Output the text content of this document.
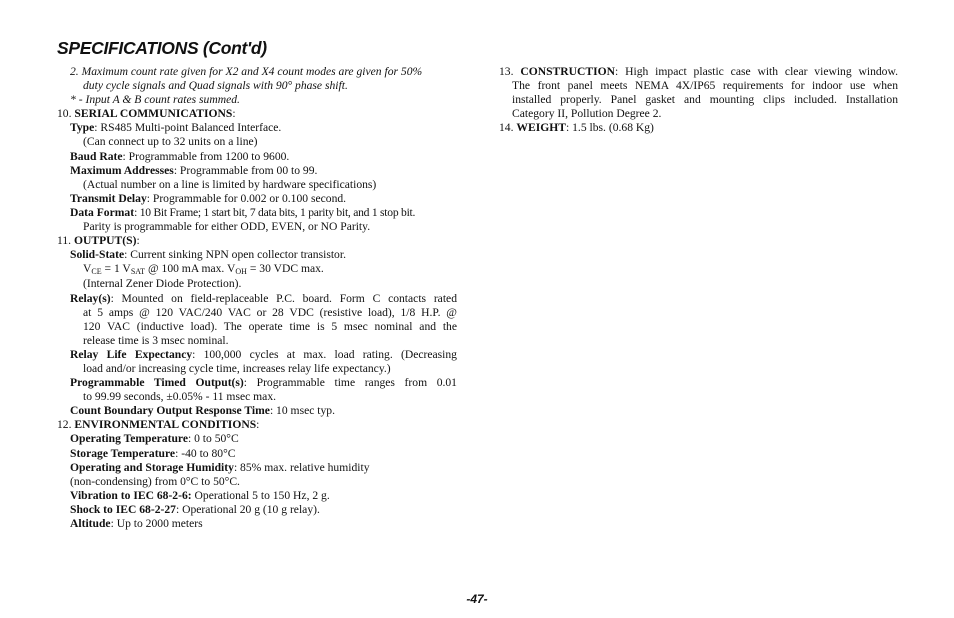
SPECIFICATIONS (Cont'd)
2. Maximum count rate given for X2 and X4 count modes are given for 50%
duty cycle signals and Quad signals with 90° phase shift.
* - Input A & B count rates summed.
10. SERIAL COMMUNICATIONS:
Type: RS485 Multi-point Balanced Interface.
(Can connect up to 32 units on a line)
Baud Rate: Programmable from 1200 to 9600.
Maximum Addresses: Programmable from 00 to 99.
(Actual number on a line is limited by hardware specifications)
Transmit Delay: Programmable for 0.002 or 0.100 second.
Data Format: 10 Bit Frame; 1 start bit, 7 data bits, 1 parity bit, and 1 stop bit.
Parity is programmable for either ODD, EVEN, or NO Parity.
11. OUTPUT(S):
Solid-State: Current sinking NPN open collector transistor.
$V_{CE} = 1$ $V_{SAT}$ @ 100 mA max. $V_{OH} = 30$ VDC max.
(Internal Zener Diode Protection).
Relay(s): Mounted on field-replaceable P.C. board. Form C contacts rated
at 5 amps @ 120 VAC/240 VAC or 28 VDC (resistive load), 1/8 H.P. @
120 VAC (inductive load). The operate time is 5 msec nominal and the
release time is 3 msec nominal.
Relay Life Expectancy: 100,000 cycles at max. load rating. (Decreasing
load and/or increasing cycle time, increases relay life expectancy.)
Programmable Timed Output(s): Programmable time ranges from 0.01
to 99.99 seconds, ±0.05% - 11 msec max.
Count Boundary Output Response Time: 10 msec typ.
12. ENVIRONMENTAL CONDITIONS:
Operating Temperature: 0 to 50°C
Storage Temperature: -40 to 80°C
Operating and Storage Humidity: 85% max. relative humidity
(non-condensing) from 0°C to 50°C.
Vibration to IEC 68-2-6: Operational 5 to 150 Hz, 2 g.
Shock to IEC 68-2-27: Operational 20 g (10 g relay).
Altitude: Up to 2000 meters
13. CONSTRUCTION: High impact plastic case with clear viewing window.
The front panel meets NEMA 4X/IP65 requirements for indoor use when
installed properly. Panel gasket and mounting clips included. Installation
Category II, Pollution Degree 2.
14. WEIGHT: 1.5 lbs. (0.68 Kg)
-47-
